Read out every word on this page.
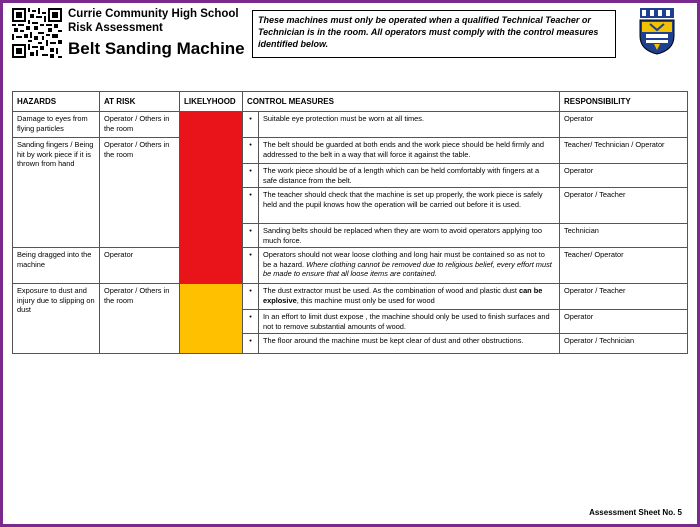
Currie Community High School
Risk Assessment
Belt Sanding Machine
These machines must only be operated when a qualified Technical Teacher or Technician is in the room. All operators must comply with the control measures identified below.
HAZARDS	AT RISK	LIKELYHOOD	CONTROL MEASURES		RESPONSIBILITY
Damage to eyes from flying particles	Operator / Others in the room		•	Suitable eye protection must be worn at all times.	Operator
Sanding fingers / Being hit by work piece if it is thrown from hand	Operator / Others in the room		•	The belt should be guarded at both ends and the work piece should be held firmly and addressed to the belt in a way that will force it against the table.	Teacher/ Technician / Operator
			•	The work piece should be of a length which can be held comfortably with fingers at a safe distance from the belt.	Operator
			•	The teacher should check that the machine is set up properly, the work piece is safely held and the pupil knows how the operation will be carried out before it is used.	Operator / Teacher
			•	Sanding belts should be replaced when they are worn to avoid operators applying too much force.	Technician
Being dragged into the machine	Operator		•	Operators should not wear loose clothing and long hair must be contained so as not to be a hazard. Where clothing cannot be removed due to religious belief, every effort must be made to ensure that all loose items are contained.	Teacher/ Operator
Exposure to dust and injury due to slipping on dust	Operator / Others in the room		•	The dust extractor must be used. As the combination of wood and plastic dust can be explosive, this machine must only be used for wood	Operator / Teacher
			•	In an effort to limit dust expose , the machine should only be used to finish surfaces and not to remove substantial amounts of wood.	Operator
			•	The floor around the machine must be kept clear of dust and other obstructions.	Operator / Technician
Assessment Sheet No. 5
